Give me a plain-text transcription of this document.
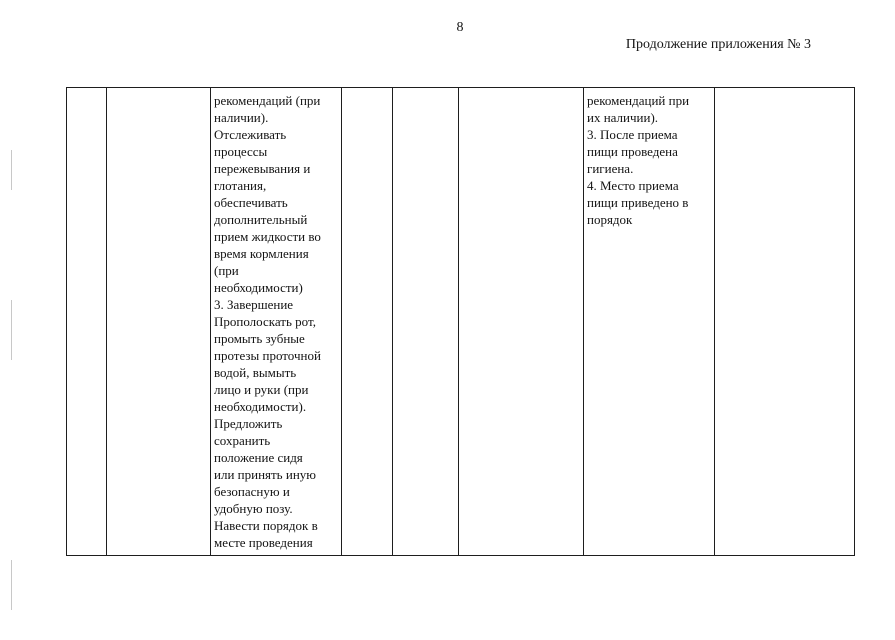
8
Продолжение приложения № 3

рекомендаций (при
наличии).
Отслеживать
процессы
пережевывания и
глотания,
обеспечивать
дополнительный
прием жидкости во
время кормления
(при
необходимости)
3. Завершение
Прополоскать рот,
промыть зубные
протезы проточной
водой, вымыть
лицо и руки (при
необходимости).
Предложить
сохранить
положение сидя
или принять иную
безопасную и
удобную позу.
Навести порядок в
месте проведения

рекомендаций при
их наличии).
3. После приема
пищи проведена
гигиена.
4. Место приема
пищи приведено в
порядок
